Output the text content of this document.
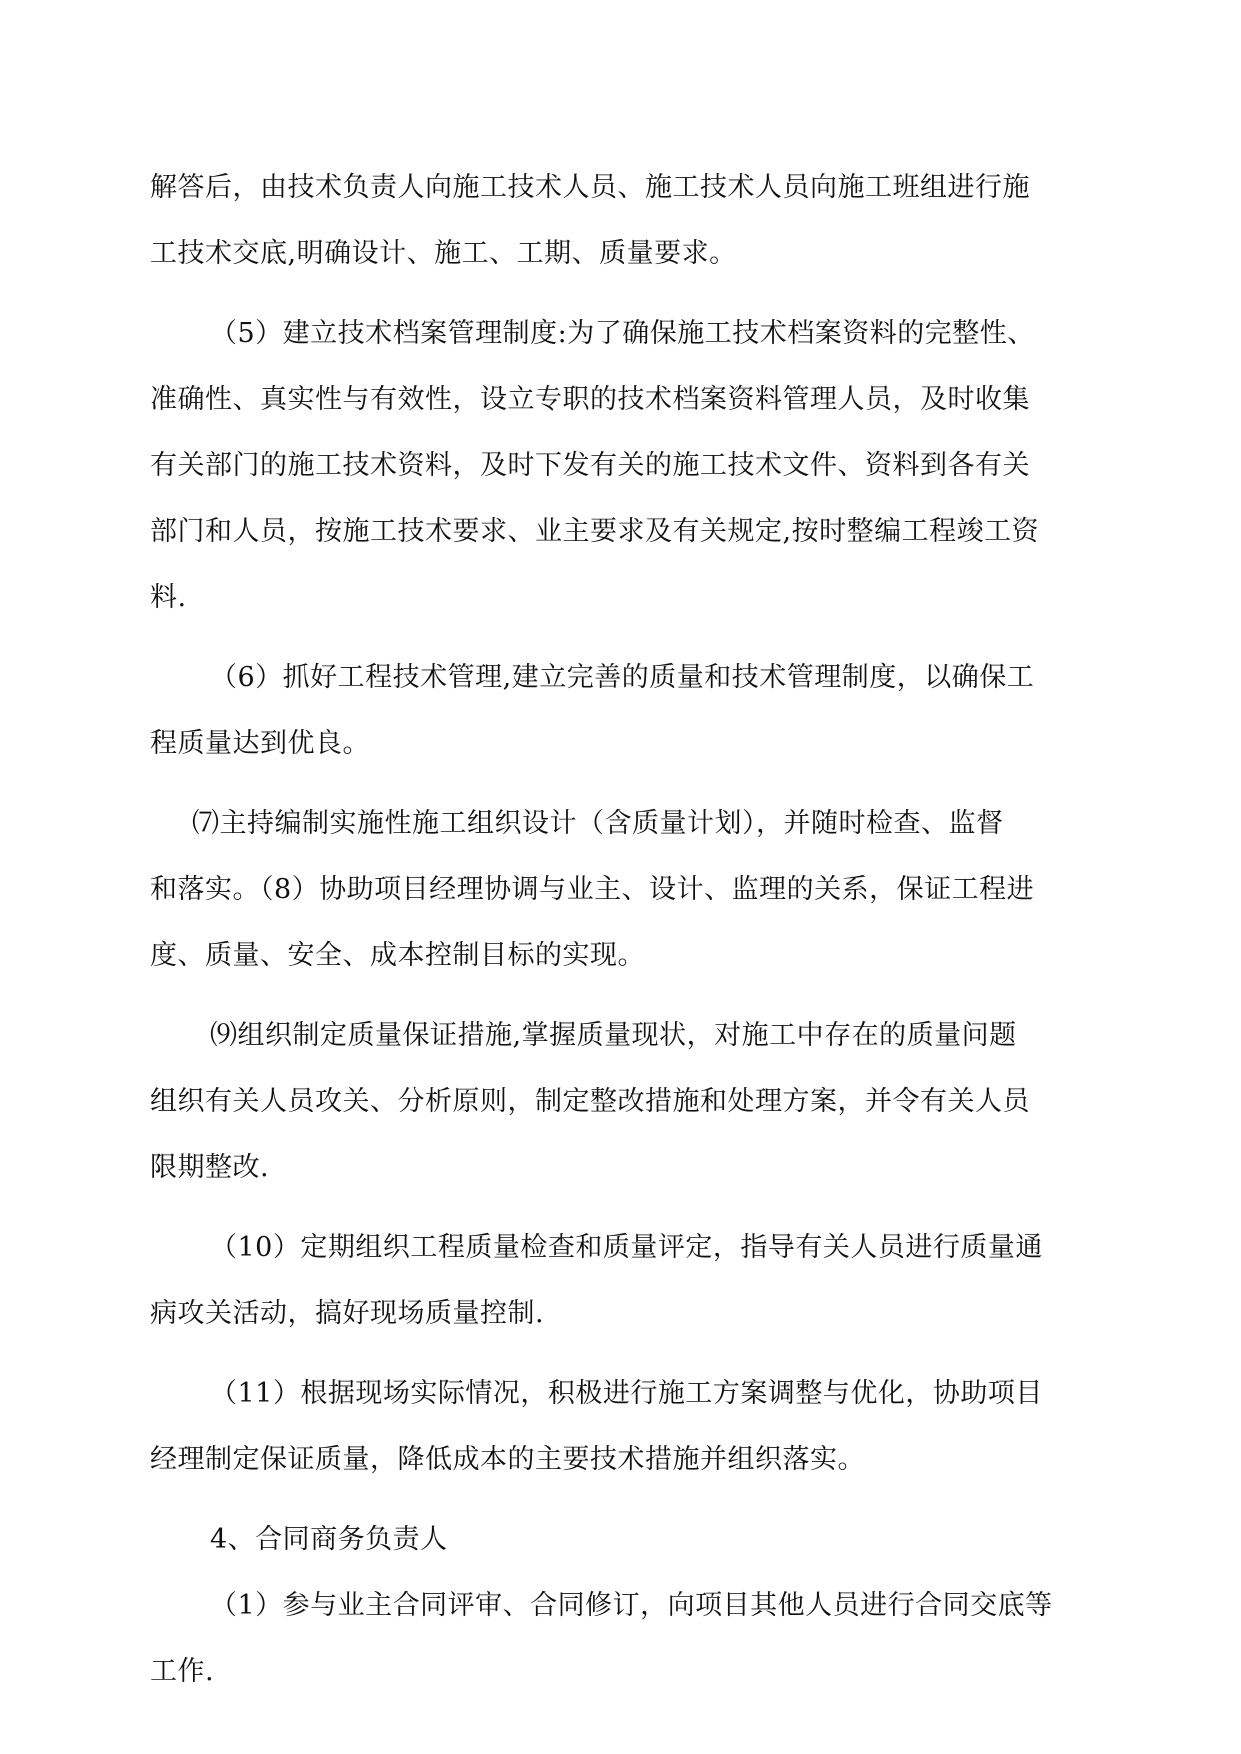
解答后，由技术负责人向施工技术人员、施工技术人员向施工班组进行施
工技术交底,明确设计、施工、工期、质量要求。

（5）建立技术档案管理制度:为了确保施工技术档案资料的完整性、
准确性、真实性与有效性，设立专职的技术档案资料管理人员，及时收集
有关部门的施工技术资料，及时下发有关的施工技术文件、资料到各有关
部门和人员，按施工技术要求、业主要求及有关规定,按时整编工程竣工资
料.

（6）抓好工程技术管理,建立完善的质量和技术管理制度，以确保工
程质量达到优良。

⑺主持编制实施性施工组织设计（含质量计划），并随时检查、监督
和落实。（8）协助项目经理协调与业主、设计、监理的关系，保证工程进
度、质量、安全、成本控制目标的实现。

⑼组织制定质量保证措施,掌握质量现状，对施工中存在的质量问题
组织有关人员攻关、分析原则，制定整改措施和处理方案，并令有关人员
限期整改.

（10）定期组织工程质量检查和质量评定，指导有关人员进行质量通
病攻关活动，搞好现场质量控制.

（11）根据现场实际情况，积极进行施工方案调整与优化，协助项目
经理制定保证质量，降低成本的主要技术措施并组织落实。

4、合同商务负责人

（1）参与业主合同评审、合同修订，向项目其他人员进行合同交底等
工作.
